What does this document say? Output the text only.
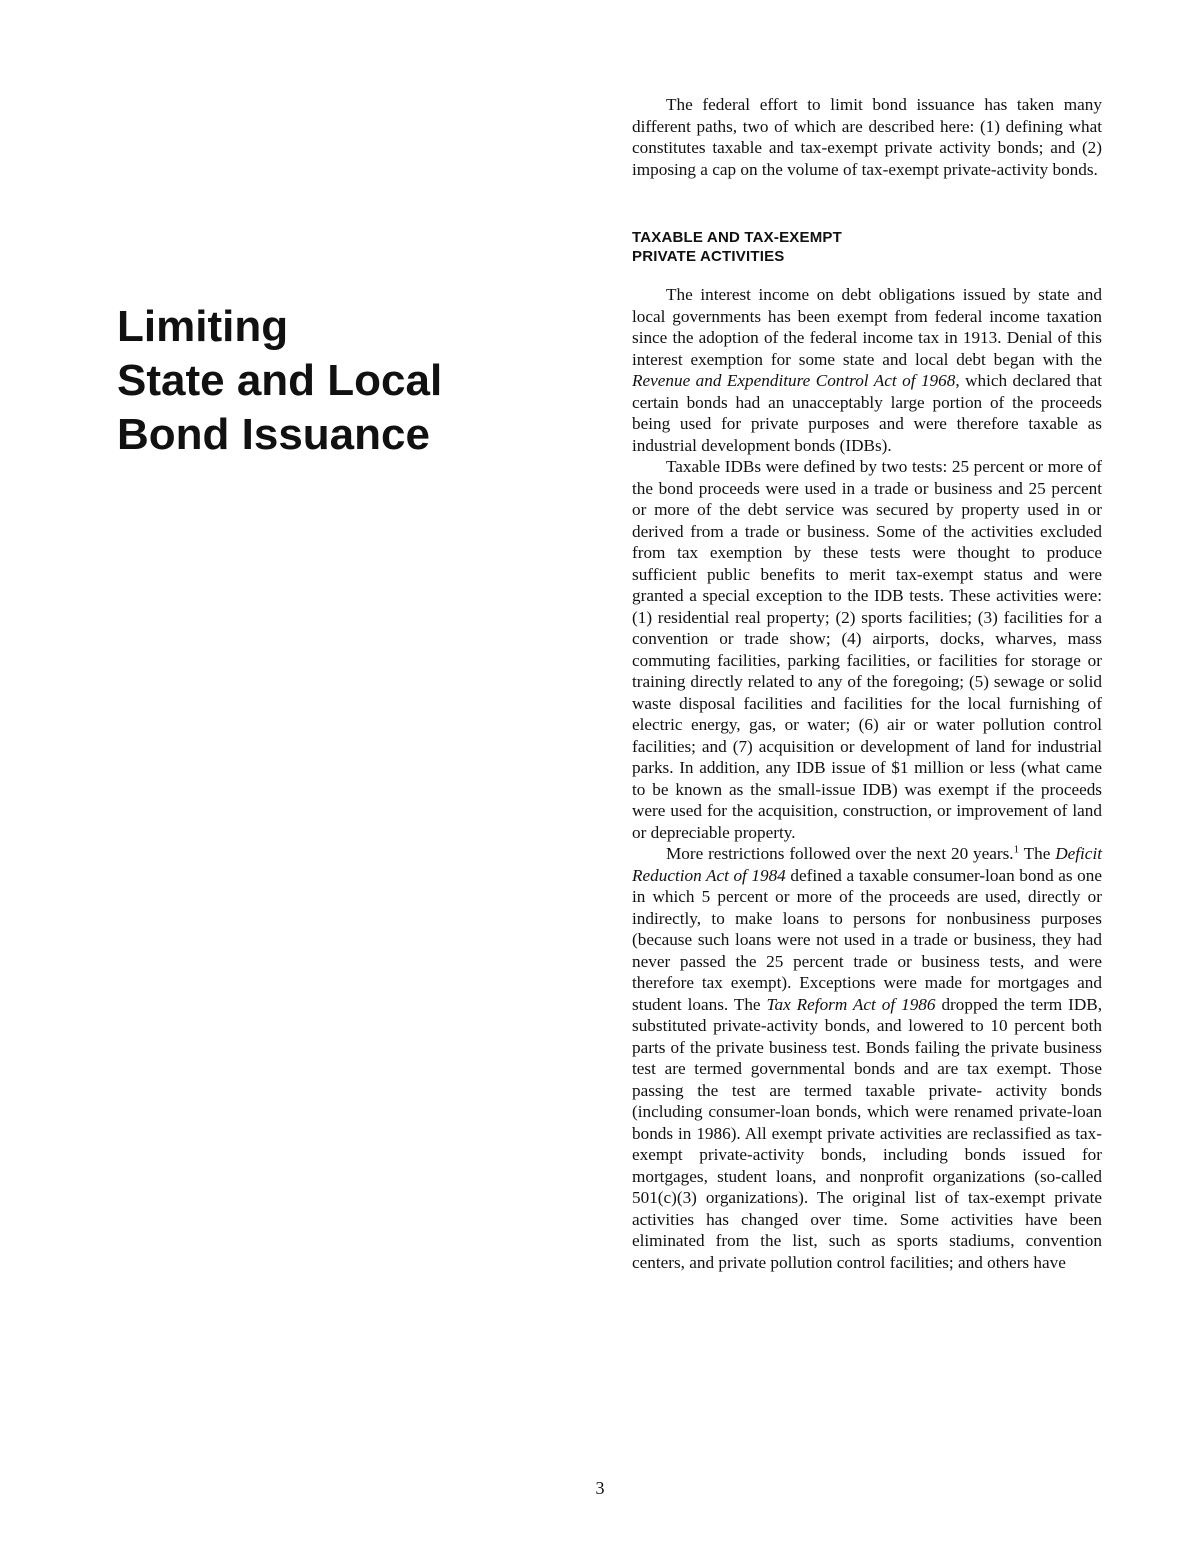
Limiting
State and Local
Bond Issuance

The federal effort to limit bond issuance has taken many different paths, two of which are described here: (1) defining what constitutes taxable and tax-exempt private activity bonds; and (2) imposing a cap on the volume of tax-exempt private-activity bonds.

TAXABLE AND TAX-EXEMPT
PRIVATE ACTIVITIES

The interest income on debt obligations issued by state and local governments has been exempt from federal income taxation since the adoption of the federal income tax in 1913. Denial of this interest exemption for some state and local debt began with the Revenue and Expenditure Control Act of 1968, which declared that certain bonds had an unacceptably large portion of the proceeds being used for private purposes and were therefore taxable as industrial development bonds (IDBs).

Taxable IDBs were defined by two tests: 25 percent or more of the bond proceeds were used in a trade or business and 25 percent or more of the debt service was secured by property used in or derived from a trade or business. Some of the activities excluded from tax exemption by these tests were thought to produce sufficient public benefits to merit tax-exempt status and were granted a special exception to the IDB tests. These activities were: (1) residential real property; (2) sports facilities; (3) facilities for a convention or trade show; (4) airports, docks, wharves, mass commuting facilities, parking facilities, or facilities for storage or training directly related to any of the foregoing; (5) sewage or solid waste disposal facilities and facilities for the local furnishing of electric energy, gas, or water; (6) air or water pollution control facilities; and (7) acquisition or development of land for industrial parks. In addition, any IDB issue of $1 million or less (what came to be known as the small-issue IDB) was exempt if the proceeds were used for the acquisition, construction, or improvement of land or depreciable property.

More restrictions followed over the next 20 years.$^1$ The Deficit Reduction Act of 1984 defined a taxable consumer-loan bond as one in which 5 percent or more of the proceeds are used, directly or indirectly, to make loans to persons for nonbusiness purposes (because such loans were not used in a trade or business, they had never passed the 25 percent trade or business tests, and were therefore tax exempt). Exceptions were made for mortgages and student loans. The Tax Reform Act of 1986 dropped the term IDB, substituted private-activity bonds, and lowered to 10 percent both parts of the private business test. Bonds failing the private business test are termed governmental bonds and are tax exempt. Those passing the test are termed taxable private- activity bonds (including consumer-loan bonds, which were renamed private-loan bonds in 1986). All exempt private activities are reclassified as tax-exempt private-activity bonds, including bonds issued for mortgages, student loans, and nonprofit organizations (so-called 501(c)(3) organizations). The original list of tax-exempt private activities has changed over time. Some activities have been eliminated from the list, such as sports stadiums, convention centers, and private pollution control facilities; and others have

3
